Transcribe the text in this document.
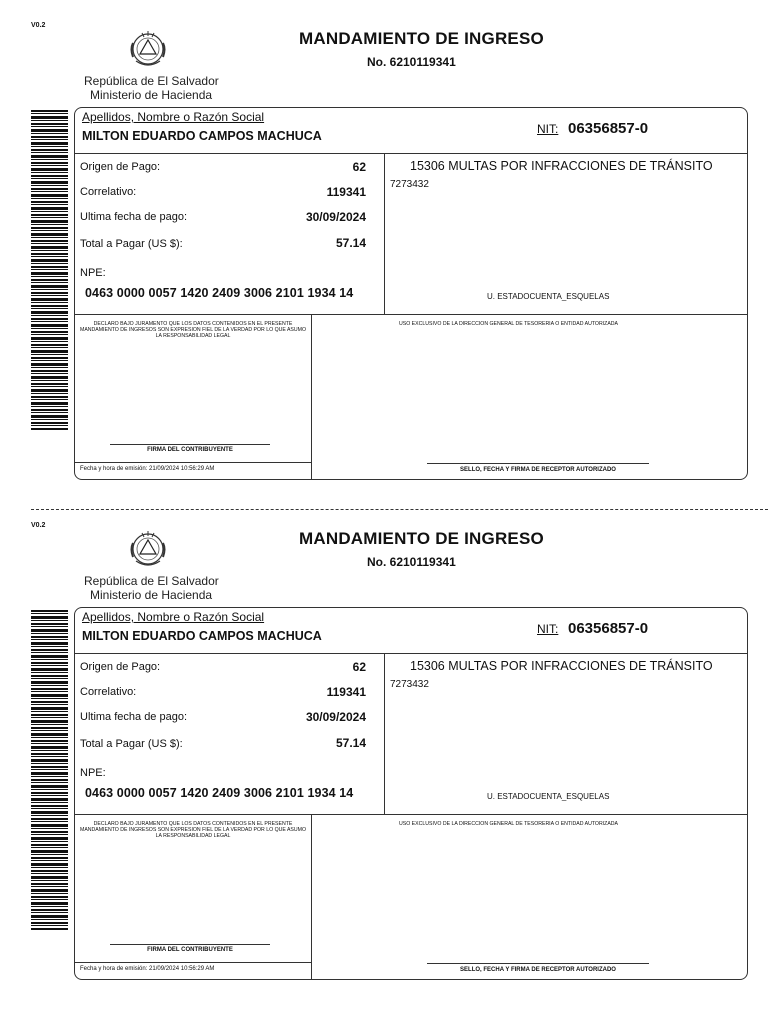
V0.2
República de El Salvador
Ministerio de Hacienda
MANDAMIENTO DE INGRESO
No. 6210119341
Apellidos, Nombre o Razón Social
MILTON EDUARDO CAMPOS MACHUCA	NIT: 06356857-0
Origen de Pago:	62
Correlativo:	119341
Ultima fecha de pago:	30/09/2024
Total a Pagar (US $):	57.14
NPE:
0463 0000 0057 1420 2409 3006 2101 1934 14
15306 MULTAS POR INFRACCIONES DE TRÁNSITO
7273432
U. ESTADOCUENTA_ESQUELAS
DECLARO BAJO JURAMENTO QUE LOS DATOS CONTENIDOS EN EL PRESENTE MANDAMIENTO DE INGRESOS SON EXPRESION FIEL DE LA VERDAD POR LO QUE ASUMO LA RESPONSABILIDAD LEGAL
USO EXCLUSIVO DE LA DIRECCION GENERAL DE TESORERIA O ENTIDAD AUTORIZADA
FIRMA DEL CONTRIBUYENTE
SELLO, FECHA Y FIRMA DE RECEPTOR AUTORIZADO
Fecha y hora de emisión: 21/09/2024 10:56:29 AM
V0.2
República de El Salvador
Ministerio de Hacienda
MANDAMIENTO DE INGRESO
No. 6210119341
Apellidos, Nombre o Razón Social
MILTON EDUARDO CAMPOS MACHUCA	NIT: 06356857-0
Origen de Pago:	62
Correlativo:	119341
Ultima fecha de pago:	30/09/2024
Total a Pagar (US $):	57.14
NPE:
0463 0000 0057 1420 2409 3006 2101 1934 14
15306 MULTAS POR INFRACCIONES DE TRÁNSITO
7273432
U. ESTADOCUENTA_ESQUELAS
DECLARO BAJO JURAMENTO QUE LOS DATOS CONTENIDOS EN EL PRESENTE MANDAMIENTO DE INGRESOS SON EXPRESION FIEL DE LA VERDAD POR LO QUE ASUMO LA RESPONSABILIDAD LEGAL
USO EXCLUSIVO DE LA DIRECCION GENERAL DE TESORERIA O ENTIDAD AUTORIZADA
FIRMA DEL CONTRIBUYENTE
SELLO, FECHA Y FIRMA DE RECEPTOR AUTORIZADO
Fecha y hora de emisión: 21/09/2024 10:56:29 AM
